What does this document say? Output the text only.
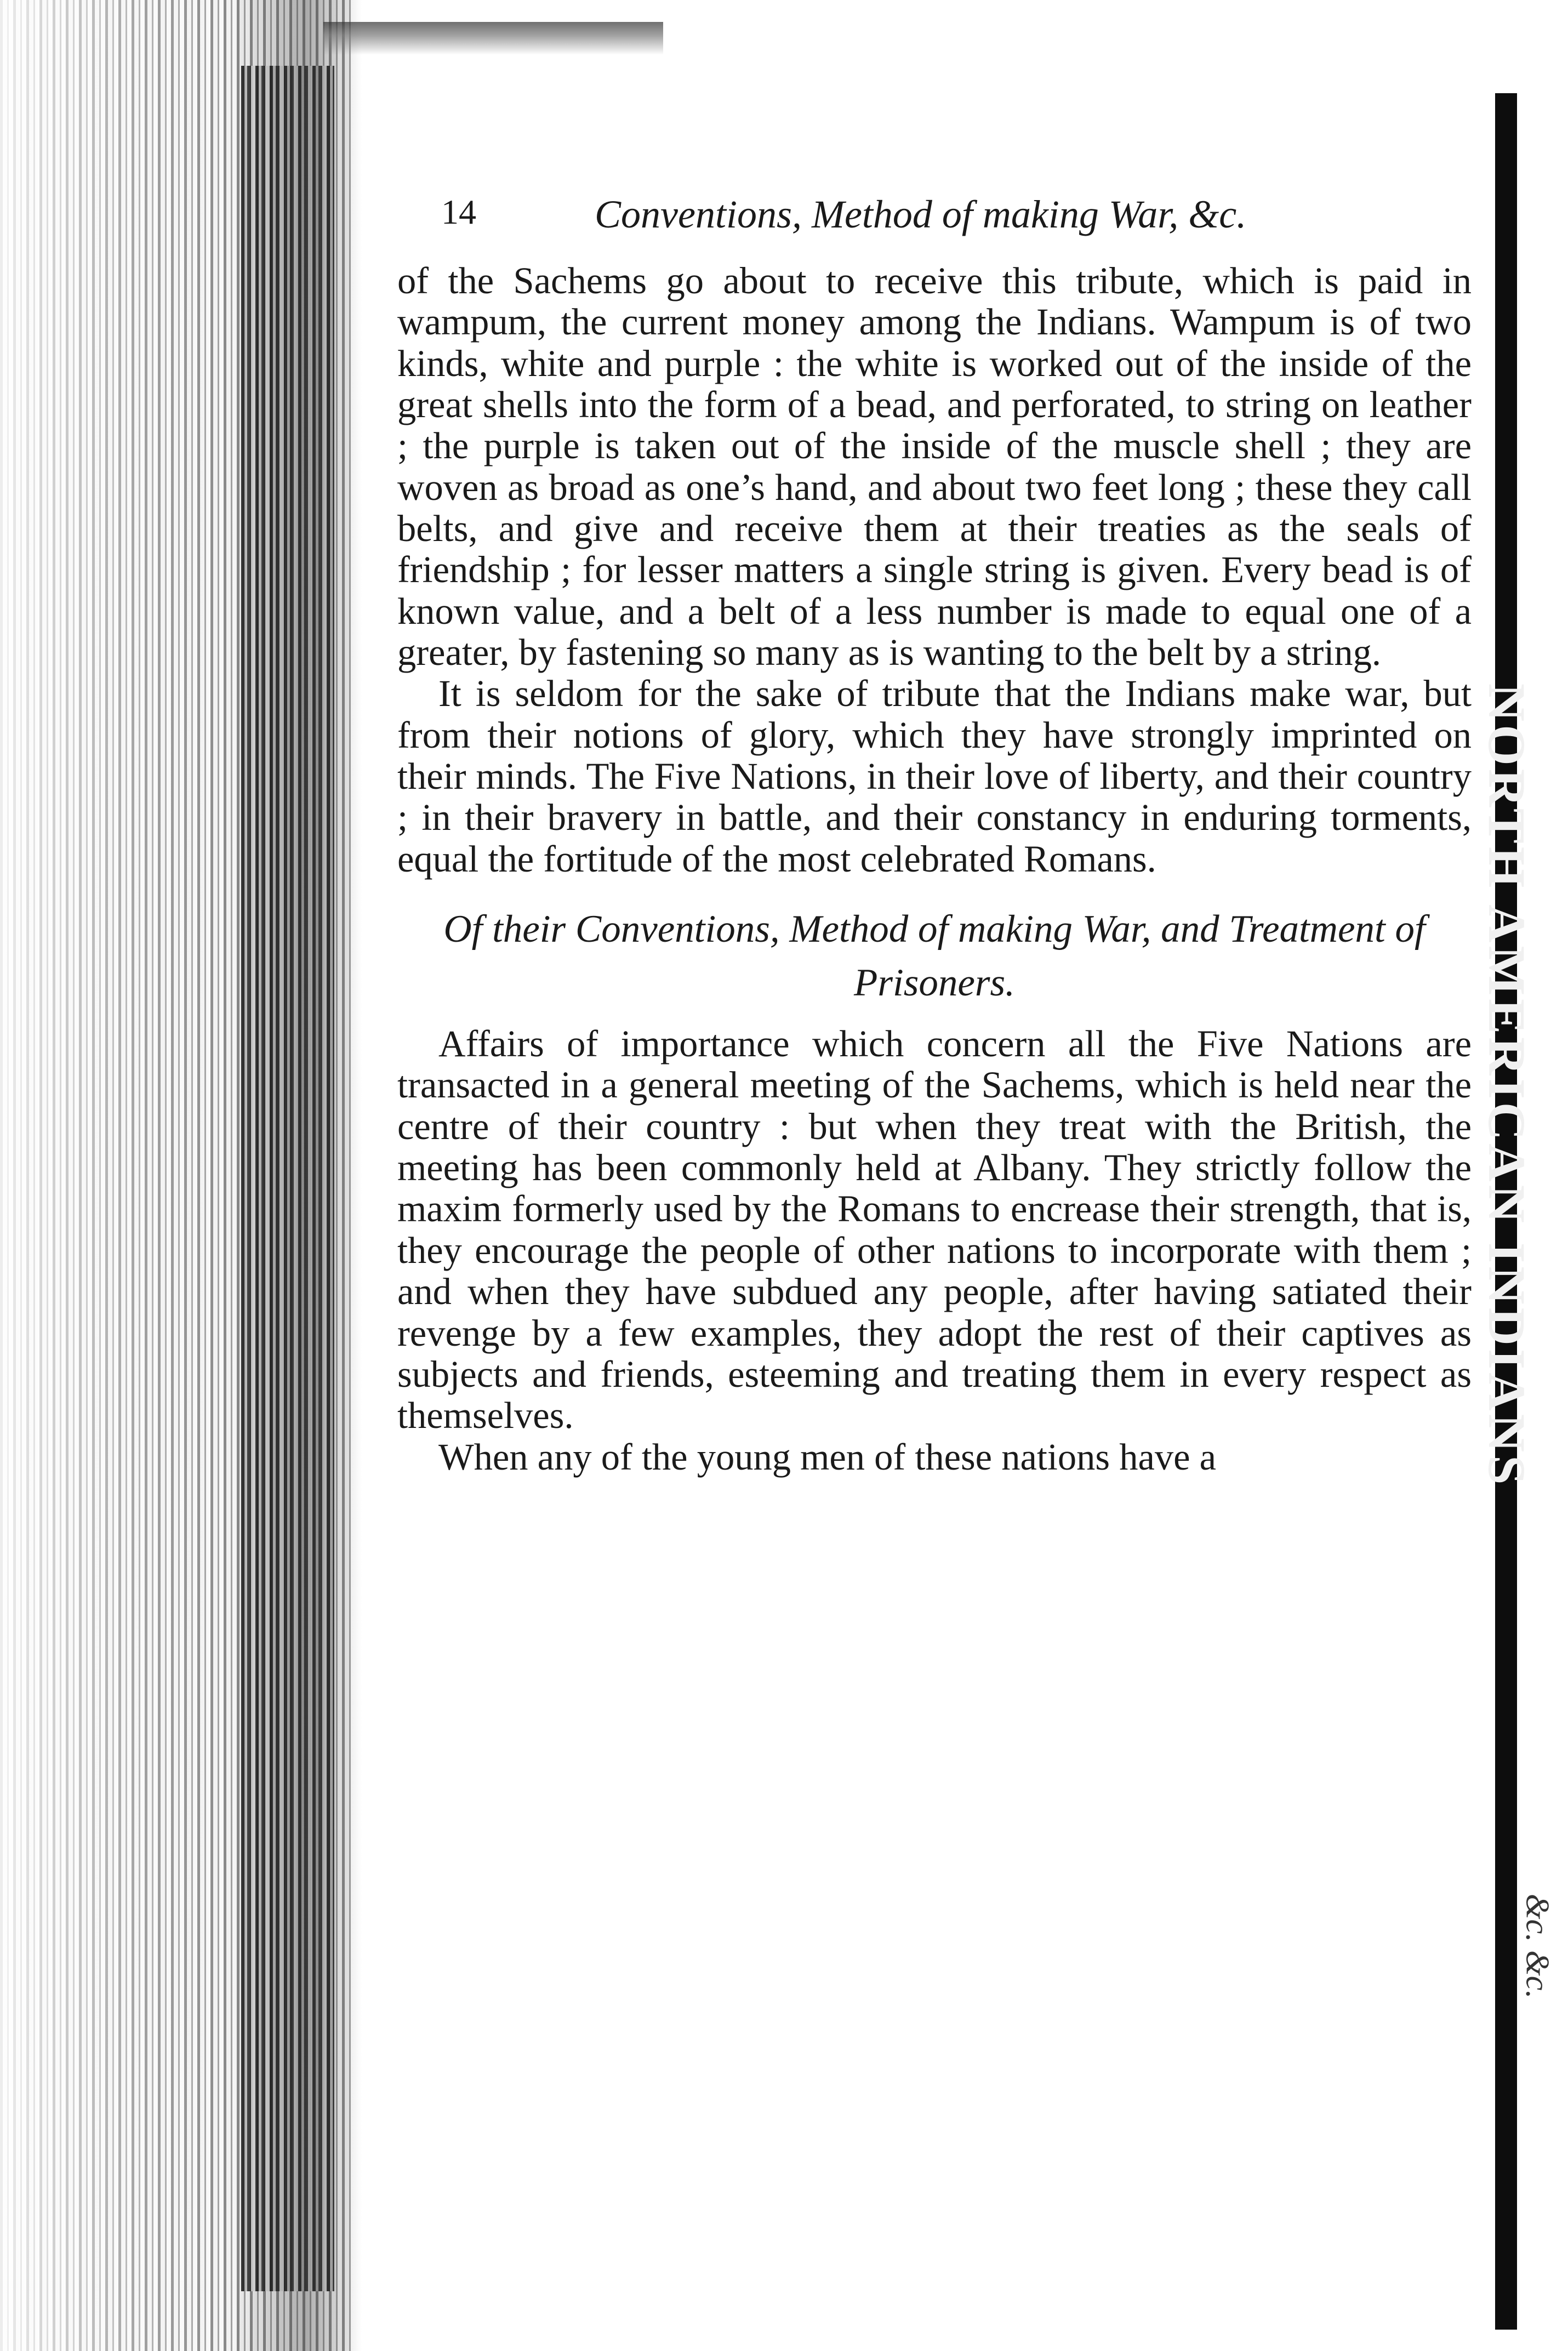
NORTH AMERICAN INDIANS
&c. &c.
14	Conventions, Method of making War, &c.

of the Sachems go about to receive this tribute, which is paid in wampum, the current money among the Indians. Wampum is of two kinds, white and purple : the white is worked out of the inside of the great shells into the form of a bead, and perforated, to string on leather ; the purple is taken out of the inside of the muscle shell ; they are woven as broad as one’s hand, and about two feet long ; these they call belts, and give and receive them at their treaties as the seals of friendship ; for lesser matters a single string is given. Every bead is of known value, and a belt of a less number is made to equal one of a greater, by fastening so many as is wanting to the belt by a string.

It is seldom for the sake of tribute that the Indians make war, but from their notions of glory, which they have strongly imprinted on their minds. The Five Nations, in their love of liberty, and their country ; in their bravery in battle, and their constancy in enduring torments, equal the fortitude of the most celebrated Romans.

Of their Conventions, Method of making War, and Treatment of Prisoners.

Affairs of importance which concern all the Five Nations are transacted in a general meeting of the Sachems, which is held near the centre of their country : but when they treat with the British, the meeting has been commonly held at Albany. They strictly follow the maxim formerly used by the Romans to encrease their strength, that is, they encourage the people of other nations to incorporate with them ; and when they have subdued any people, after having satiated their revenge by a few examples, they adopt the rest of their captives as subjects and friends, esteeming and treating them in every respect as themselves.

When any of the young men of these nations have a
